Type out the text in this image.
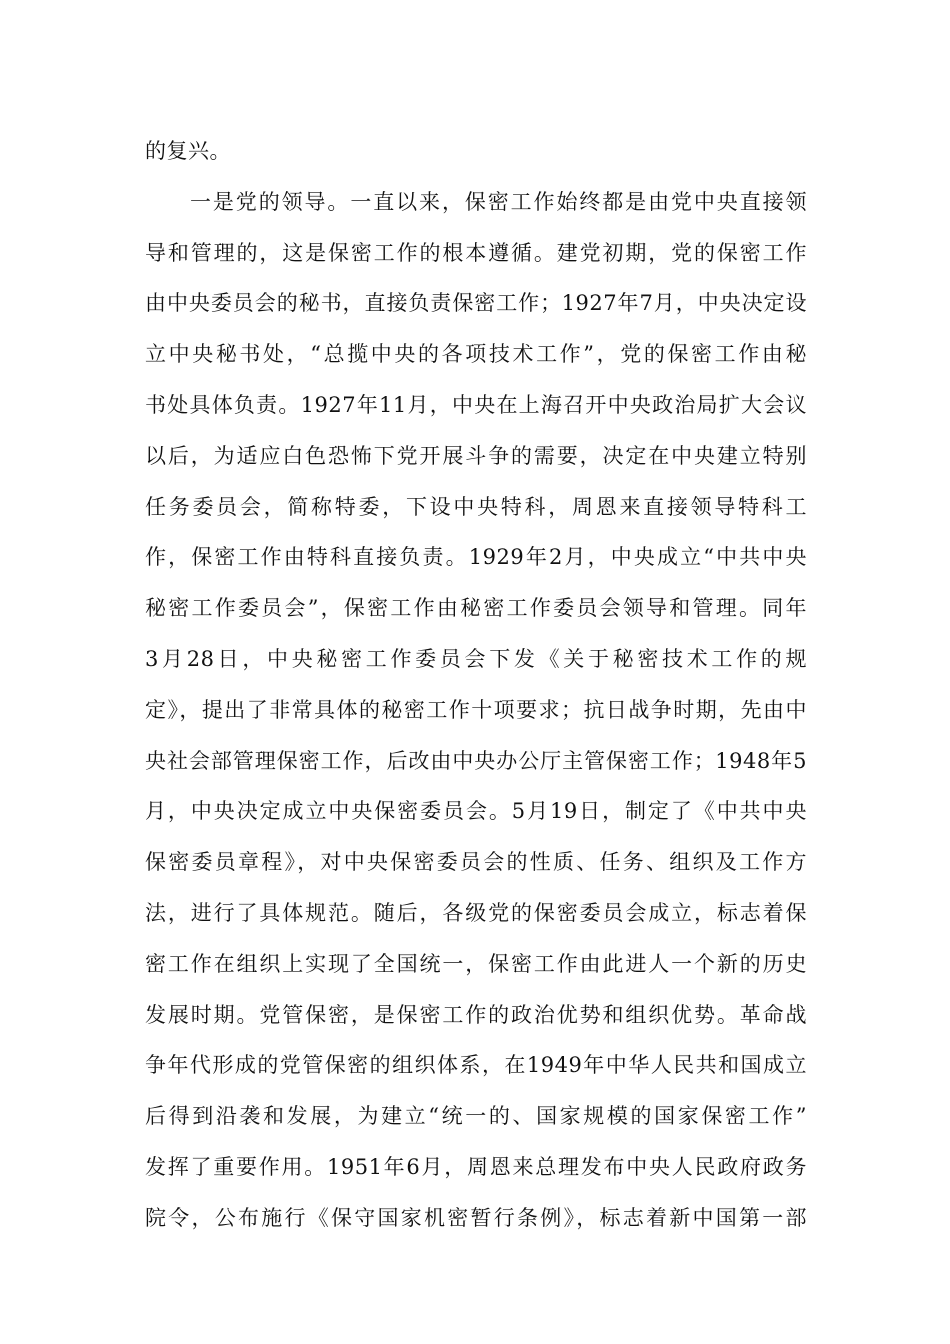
的复兴。
一是党的领导。一直以来，保密工作始终都是由党中央直接领
导和管理的，这是保密工作的根本遵循。建党初期，党的保密工作
由中央委员会的秘书，直接负责保密工作；1927年7月，中央决定设
立中央秘书处，“总揽中央的各项技术工作”，党的保密工作由秘
书处具体负责。1927年11月，中央在上海召开中央政治局扩大会议
以后，为适应白色恐怖下党开展斗争的需要，决定在中央建立特别
任务委员会，简称特委，下设中央特科，周恩来直接领导特科工
作，保密工作由特科直接负责。1929年2月，中央成立“中共中央
秘密工作委员会”，保密工作由秘密工作委员会领导和管理。同年
3月28日，中央秘密工作委员会下发《关于秘密技术工作的规
定》，提出了非常具体的秘密工作十项要求；抗日战争时期，先由中
央社会部管理保密工作，后改由中央办公厅主管保密工作；1948年5
月，中央决定成立中央保密委员会。5月19日，制定了《中共中央
保密委员章程》，对中央保密委员会的性质、任务、组织及工作方
法，进行了具体规范。随后，各级党的保密委员会成立，标志着保
密工作在组织上实现了全国统一，保密工作由此进人一个新的历史
发展时期。党管保密，是保密工作的政治优势和组织优势。革命战
争年代形成的党管保密的组织体系，在1949年中华人民共和国成立
后得到沿袭和发展，为建立“统一的、国家规模的国家保密工作”
发挥了重要作用。1951年6月，周恩来总理发布中央人民政府政务
院令，公布施行《保守国家机密暂行条例》，标志着新中国第一部
